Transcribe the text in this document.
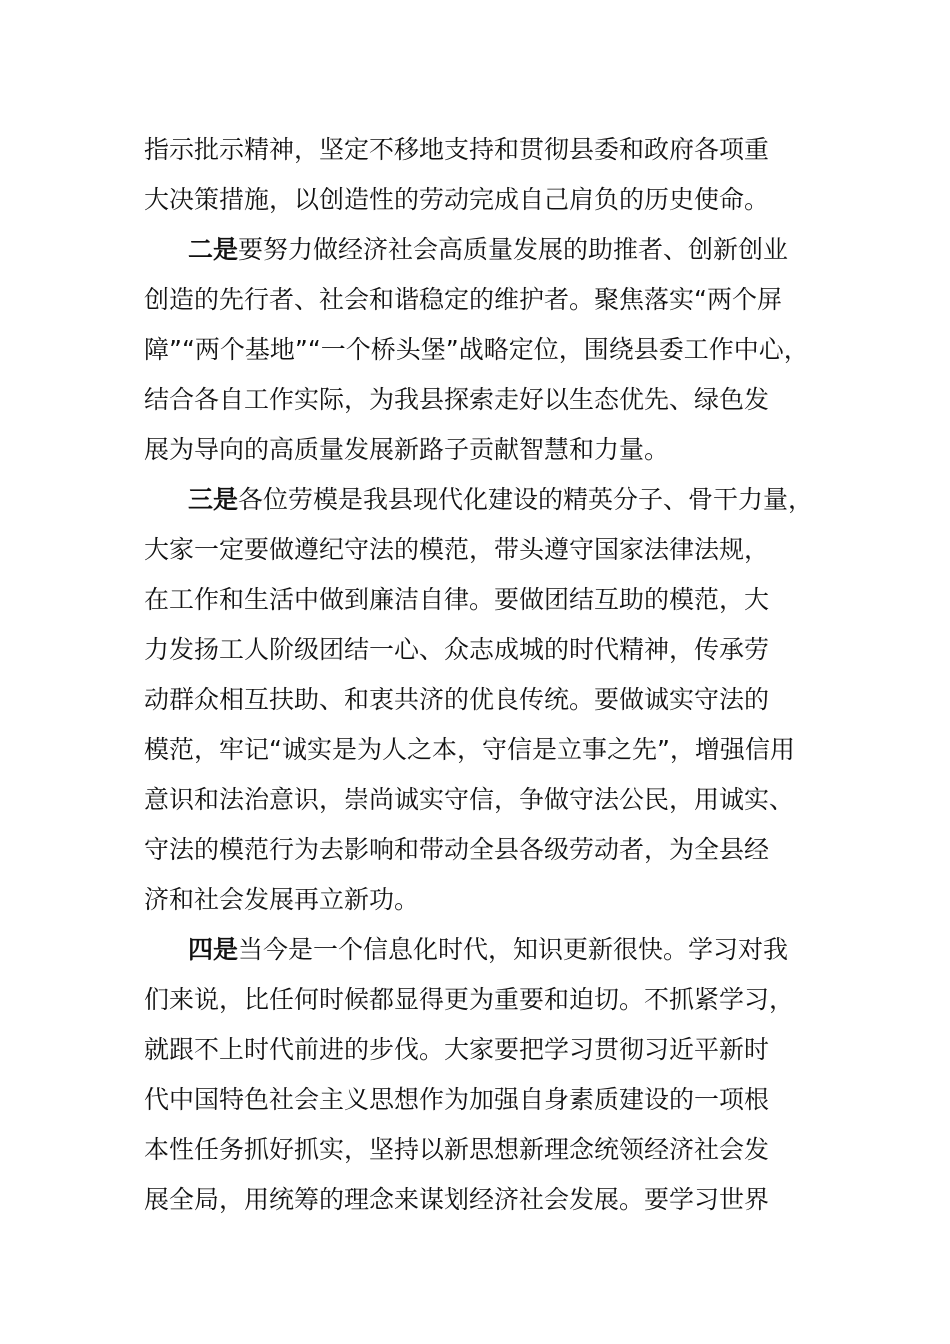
指示批示精神，坚定不移地支持和贯彻县委和政府各项重
大决策措施，以创造性的劳动完成自己肩负的历史使命。
二是要努力做经济社会高质量发展的助推者、创新创业
创造的先行者、社会和谐稳定的维护者。聚焦落实“两个屏
障”“两个基地”“一个桥头堡”战略定位，围绕县委工作中心，
结合各自工作实际，为我县探索走好以生态优先、绿色发
展为导向的高质量发展新路子贡献智慧和力量。
三是各位劳模是我县现代化建设的精英分子、骨干力量，
大家一定要做遵纪守法的模范，带头遵守国家法律法规，
在工作和生活中做到廉洁自律。要做团结互助的模范，大
力发扬工人阶级团结一心、众志成城的时代精神，传承劳
动群众相互扶助、和衷共济的优良传统。要做诚实守法的
模范，牢记“诚实是为人之本，守信是立事之先”，增强信用
意识和法治意识，崇尚诚实守信，争做守法公民，用诚实、
守法的模范行为去影响和带动全县各级劳动者，为全县经
济和社会发展再立新功。
四是当今是一个信息化时代，知识更新很快。学习对我
们来说，比任何时候都显得更为重要和迫切。不抓紧学习，
就跟不上时代前进的步伐。大家要把学习贯彻习近平新时
代中国特色社会主义思想作为加强自身素质建设的一项根
本性任务抓好抓实，坚持以新思想新理念统领经济社会发
展全局，用统筹的理念来谋划经济社会发展。要学习世界
